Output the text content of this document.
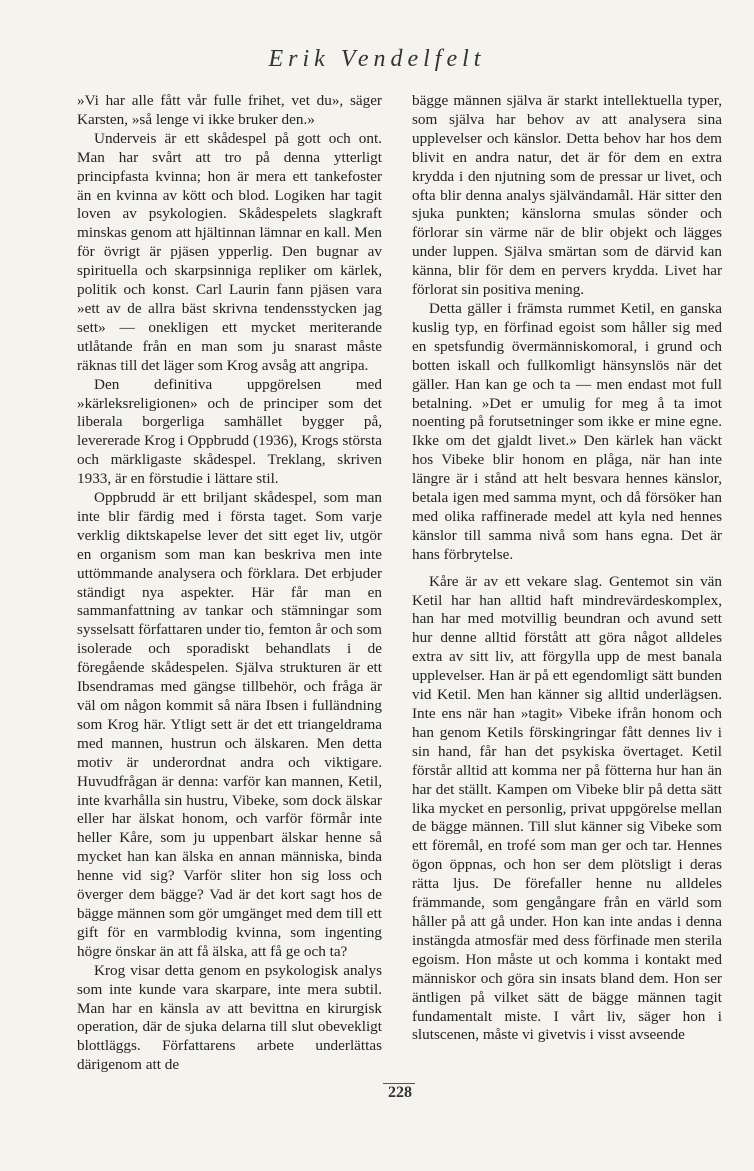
Erik Vendelfelt

»Vi har alle fått vår fulle frihet, vet du», säger Karsten, »så lenge vi ikke bruker den.»

Underveis är ett skådespel på gott och ont. Man har svårt att tro på denna ytterligt principfasta kvinna; hon är mera ett tankefoster än en kvinna av kött och blod. Logiken har tagit loven av psykologien. Skådespelets slagkraft minskas genom att hjältinnan lämnar en kall. Men för övrigt är pjäsen ypperlig. Den bugnar av spirituella och skarpsinniga repliker om kärlek, politik och konst. Carl Laurin fann pjäsen vara »ett av de allra bäst skrivna tendensstycken jag sett» — onekligen ett mycket meriterande utlåtande från en man som ju snarast måste räknas till det läger som Krog avsåg att angripa.

Den definitiva uppgörelsen med »kärleksreligionen» och de principer som det liberala borgerliga samhället bygger på, levererade Krog i Oppbrudd (1936), Krogs största och märkligaste skådespel. Treklang, skriven 1933, är en förstudie i lättare stil.

Oppbrudd är ett briljant skådespel, som man inte blir färdig med i första taget. Som varje verklig diktskapelse lever det sitt eget liv, utgör en organism som man kan beskriva men inte uttömmande analysera och förklara. Det erbjuder ständigt nya aspekter. Här får man en sammanfattning av tankar och stämningar som sysselsatt författaren under tio, femton år och som isolerade och sporadiskt behandlats i de föregående skådespelen. Själva strukturen är ett Ibsendramas med gängse tillbehör, och fråga är väl om någon kommit så nära Ibsen i fulländning som Krog här. Ytligt sett är det ett triangeldrama med mannen, hustrun och älskaren. Men detta motiv är underordnat andra och viktigare. Huvudfrågan är denna: varför kan mannen, Ketil, inte kvarhålla sin hustru, Vibeke, som dock älskar eller har älskat honom, och varför förmår inte heller Kåre, som ju uppenbart älskar henne så mycket han kan älska en annan människa, binda henne vid sig? Varför sliter hon sig loss och överger dem bägge? Vad är det kort sagt hos de bägge männen som gör umgänget med dem till ett gift för en varmblodig kvinna, som ingenting högre önskar än att få älska, att få ge och ta?

Krog visar detta genom en psykologisk analys som inte kunde vara skarpare, inte mera subtil. Man har en känsla av att bevittna en kirurgisk operation, där de sjuka delarna till slut obevekligt blottläggs. Författarens arbete underlättas därigenom att de

bägge männen själva är starkt intellektuella typer, som själva har behov av att analysera sina upplevelser och känslor. Detta behov har hos dem blivit en andra natur, det är för dem en extra krydda i den njutning som de pressar ur livet, och ofta blir denna analys självändamål. Här sitter den sjuka punkten; känslorna smulas sönder och förlorar sin värme när de blir objekt och lägges under luppen. Själva smärtan som de därvid kan känna, blir för dem en pervers krydda. Livet har förlorat sin positiva mening.

Detta gäller i främsta rummet Ketil, en ganska kuslig typ, en förfinad egoist som håller sig med en spetsfundig övermänniskomoral, i grund och botten iskall och fullkomligt hänsynslös när det gäller. Han kan ge och ta — men endast mot full betalning. »Det er umulig for meg å ta imot noenting på forutsetninger som ikke er mine egne. Ikke om det gjaldt livet.» Den kärlek han väckt hos Vibeke blir honom en plåga, när han inte längre är i stånd att helt besvara hennes känslor, betala igen med samma mynt, och då försöker han med olika raffinerade medel att kyla ned hennes känslor till samma nivå som hans egna. Det är hans förbrytelse.

Kåre är av ett vekare slag. Gentemot sin vän Ketil har han alltid haft mindrevärdeskomplex, han har med motvillig beundran och avund sett hur denne alltid förstått att göra något alldeles extra av sitt liv, att förgylla upp de mest banala upplevelser. Han är på ett egendomligt sätt bunden vid Ketil. Men han känner sig alltid underlägsen. Inte ens när han »tagit» Vibeke ifrån honom och han genom Ketils förskingringar fått dennes liv i sin hand, får han det psykiska övertaget. Ketil förstår alltid att komma ner på fötterna hur han än har det ställt. Kampen om Vibeke blir på detta sätt lika mycket en personlig, privat uppgörelse mellan de bägge männen. Till slut känner sig Vibeke som ett föremål, en trofé som man ger och tar. Hennes ögon öppnas, och hon ser dem plötsligt i deras rätta ljus. De förefaller henne nu alldeles främmande, som gengångare från en värld som håller på att gå under. Hon kan inte andas i denna instängda atmosfär med dess förfinade men sterila egoism. Hon måste ut och komma i kontakt med människor och göra sin insats bland dem. Hon ser äntligen på vilket sätt de bägge männen tagit fundamentalt miste. I vårt liv, säger hon i slutscenen, måste vi givetvis i visst avseende

228
